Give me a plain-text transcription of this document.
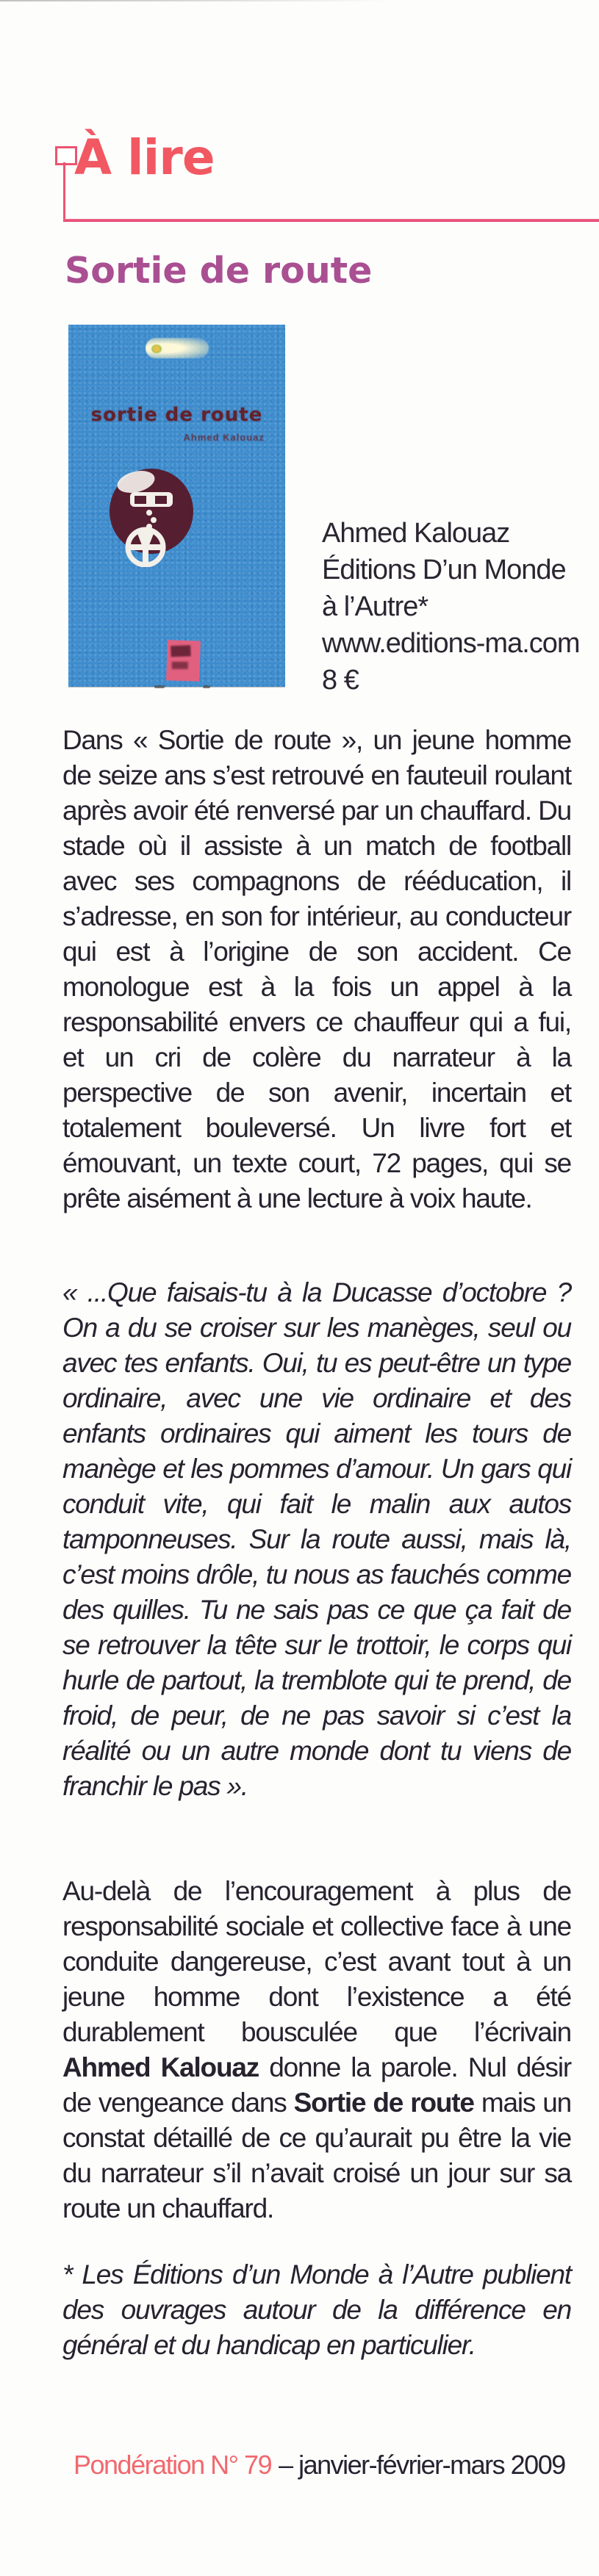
À lire
Sortie de route
sortie de route
Ahmed Kalouaz
Ahmed Kalouaz
Éditions D’un Monde
à l’Autre*
www.editions-ma.com
8 €
Dans « Sortie de route », un jeune homme de seize ans s’est retrouvé en fauteuil roulant après avoir été renversé par un chauffard. Du stade où il assiste à un match de football avec ses compagnons de rééducation, il s’adresse, en son for intérieur, au conducteur qui est à l’origine de son accident. Ce monologue est à la fois un appel à la responsabilité envers ce chauffeur qui a fui, et un cri de colère du narrateur à la perspective de son avenir, incertain et totalement bouleversé. Un livre fort et émouvant, un texte court, 72 pages, qui se prête aisément à une lecture à voix haute.
« ...Que faisais-tu à la Ducasse d’octobre ? On a du se croiser sur les manèges, seul ou avec tes enfants. Oui, tu es peut-être un type ordinaire, avec une vie ordinaire et des enfants ordinaires qui aiment les tours de manège et les pommes d’amour. Un gars qui conduit vite, qui fait le malin aux autos tamponneuses. Sur la route aussi, mais là, c’est moins drôle, tu nous as fauchés comme des quilles. Tu ne sais pas ce que ça fait de se retrouver la tête sur le trottoir, le corps qui hurle de partout, la tremblote qui te prend, de froid, de peur, de ne pas savoir si c’est la réalité ou un autre monde dont tu viens de franchir le pas ».
Au-delà de l’encouragement à plus de responsabilité sociale et collective face à une conduite dangereuse, c’est avant tout à un jeune homme dont l’existence a été durablement bousculée que l’écrivain Ahmed Kalouaz donne la parole. Nul désir de vengeance dans Sortie de route mais un constat détaillé de ce qu’aurait pu être la vie du narrateur s’il n’avait croisé un jour sur sa route un chauffard.
* Les Éditions d’un Monde à l’Autre publient des ouvrages autour de la différence en général et du handicap en particulier.
Pondération N° 79 – janvier-février-mars 2009
